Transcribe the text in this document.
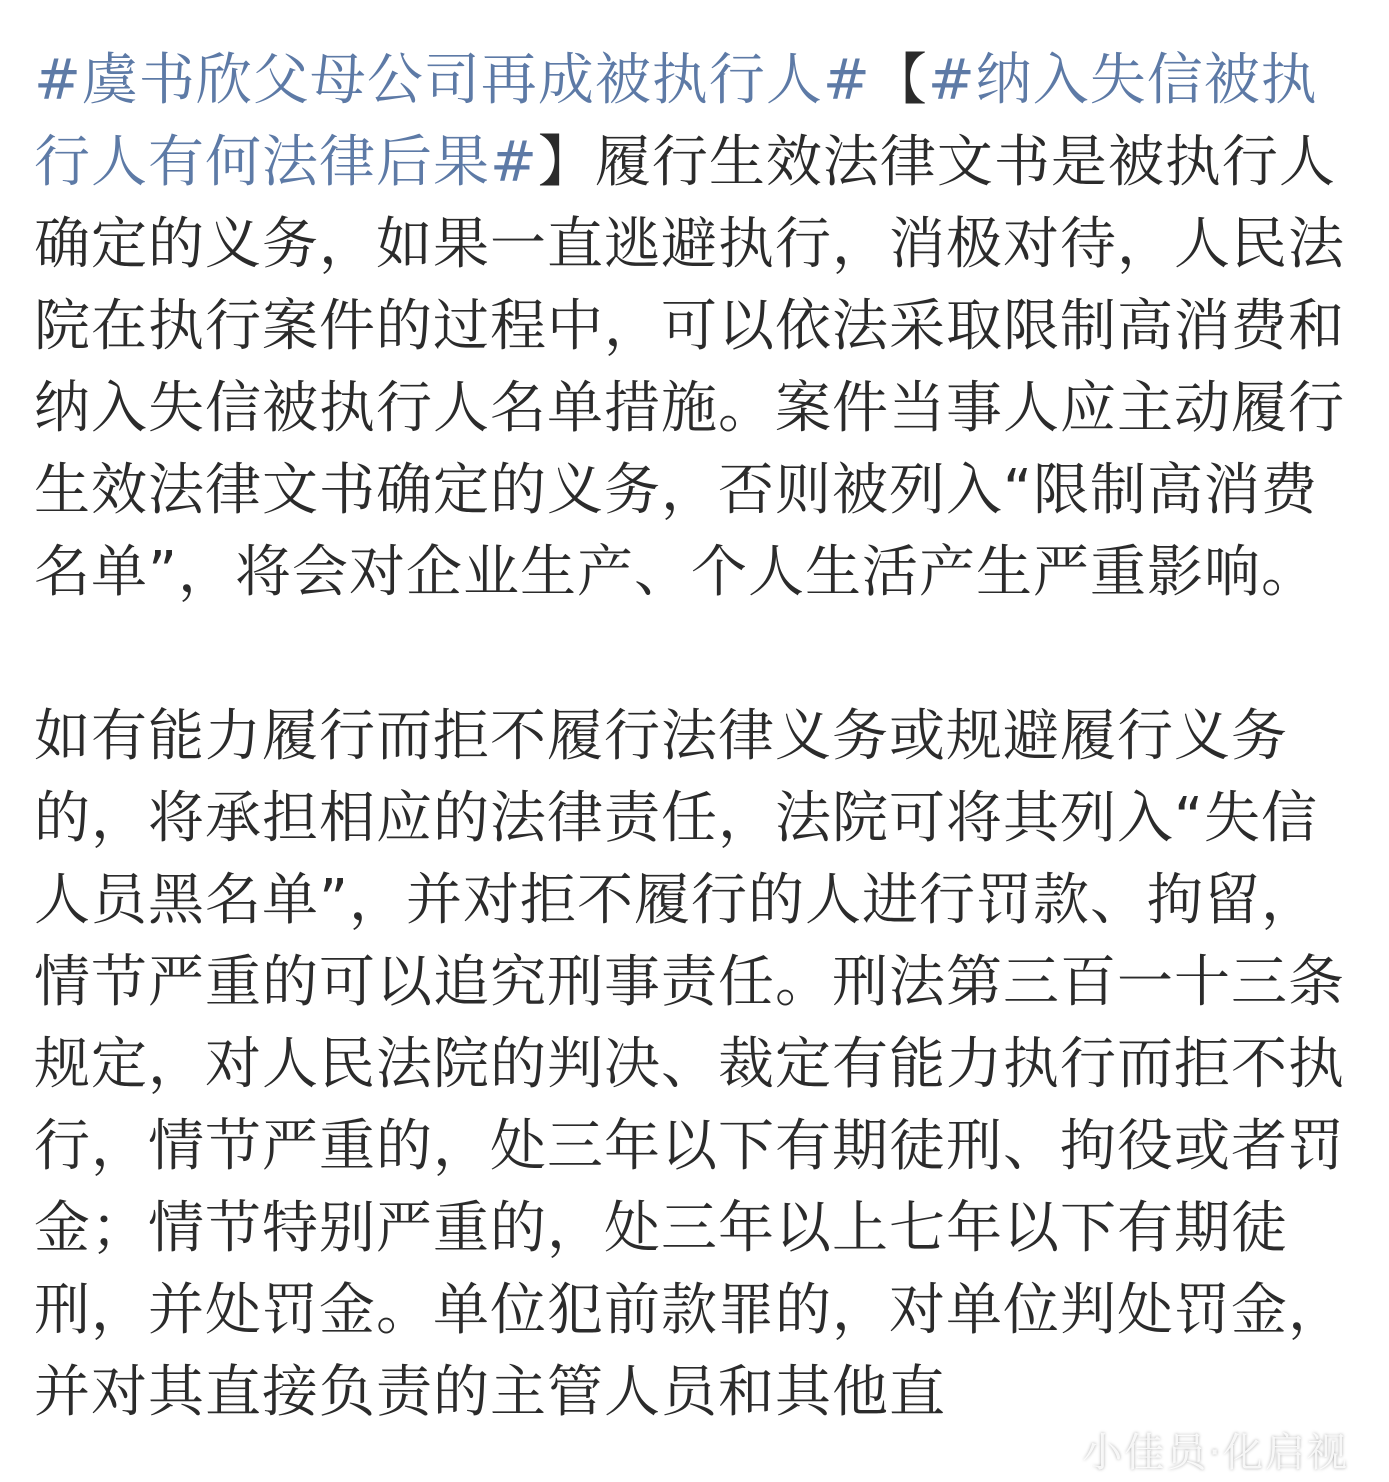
#虞书欣父母公司再成被执行人#【#纳入失信被执行人有何法律后果#】履行生效法律文书是被执行人确定的义务，如果一直逃避执行，消极对待，人民法院在执行案件的过程中，可以依法采取限制高消费和纳入失信被执行人名单措施。案件当事人应主动履行生效法律文书确定的义务，否则被列入“限制高消费名单”，将会对企业生产、个人生活产生严重影响。

如有能力履行而拒不履行法律义务或规避履行义务的，将承担相应的法律责任，法院可将其列入“失信人员黑名单”，并对拒不履行的人进行罚款、拘留，情节严重的可以追究刑事责任。刑法第三百一十三条规定，对人民法院的判决、裁定有能力执行而拒不执行，情节严重的，处三年以下有期徒刑、拘役或者罚金；情节特别严重的，处三年以上七年以下有期徒刑，并处罚金。单位犯前款罪的，对单位判处罚金，并对其直接负责的主管人员和其他直

小佳员·化启视
